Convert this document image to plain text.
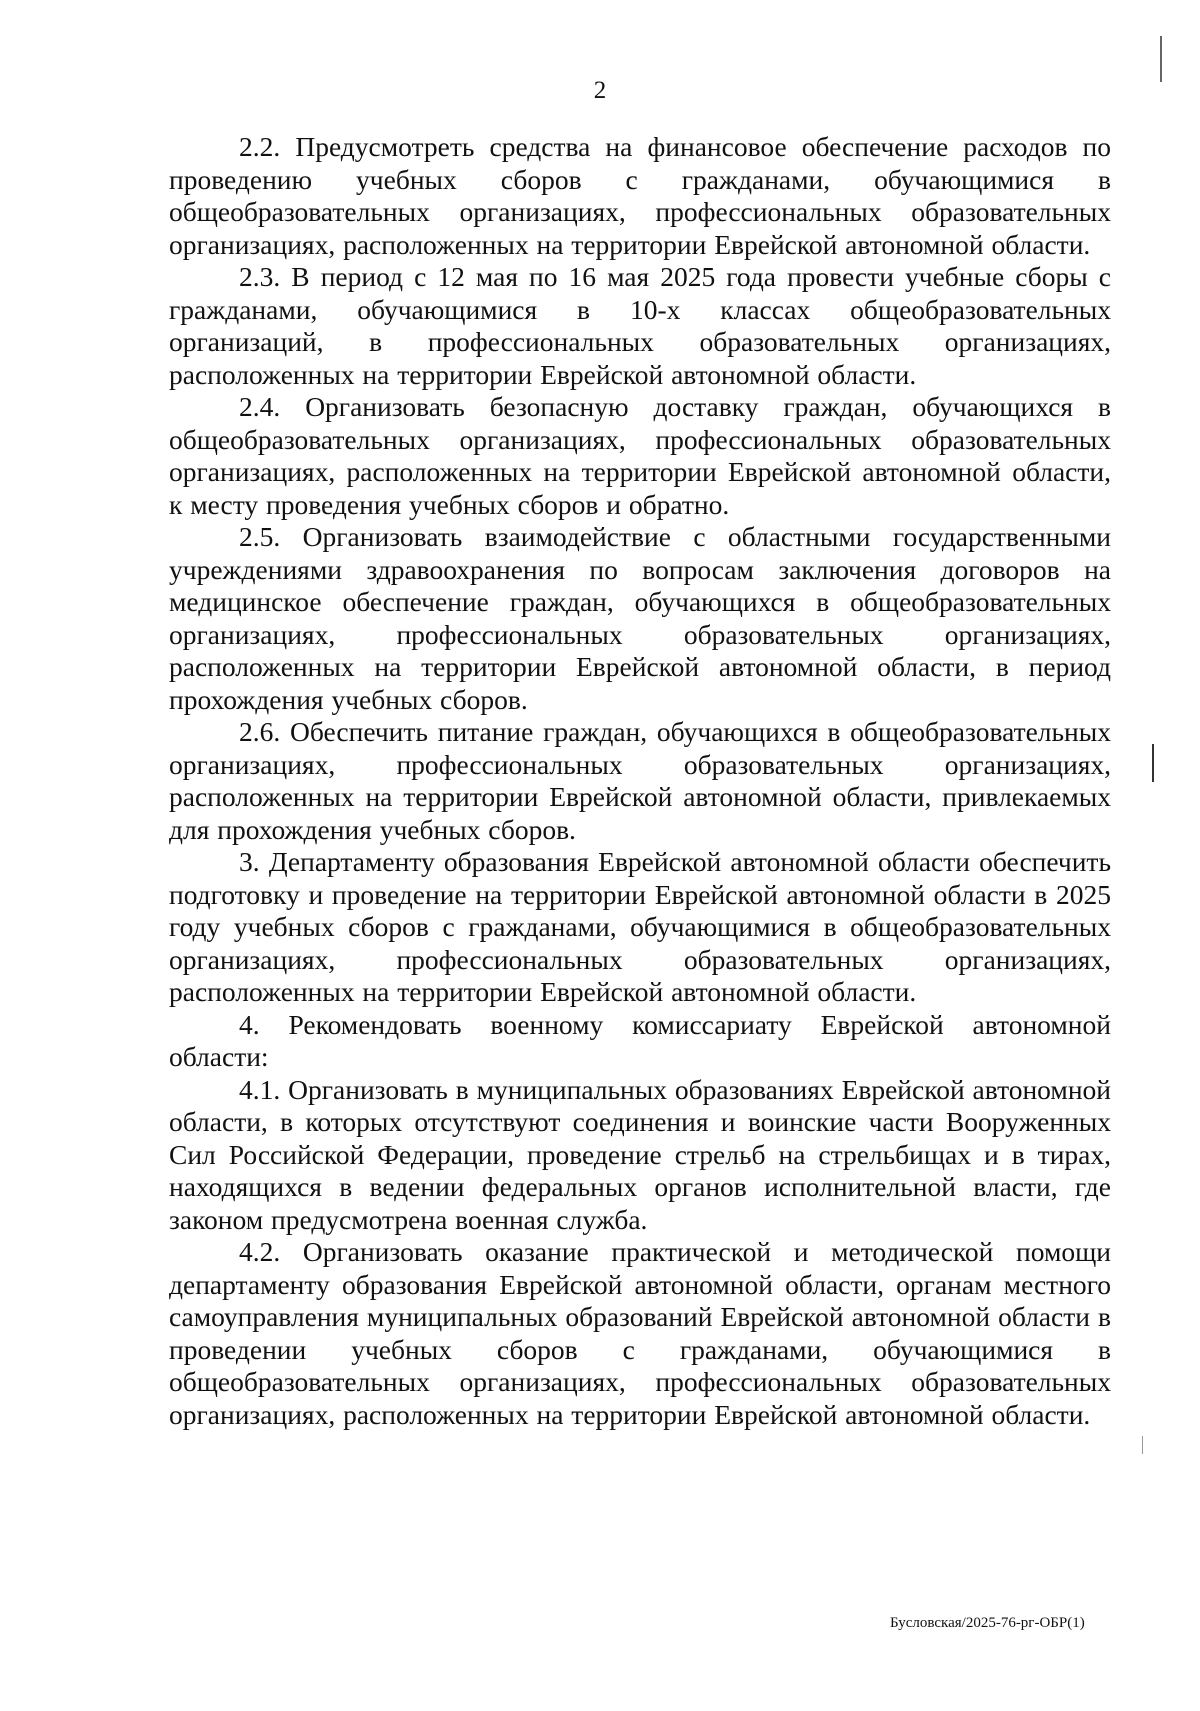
2

2.2. Предусмотреть средства на финансовое обеспечение расходов по проведению учебных сборов с гражданами, обучающимися в общеобразовательных организациях, профессиональных образовательных организациях, расположенных на территории Еврейской автономной области.

2.3. В период с 12 мая по 16 мая 2025 года провести учебные сборы с гражданами, обучающимися в 10-х классах общеобразовательных организаций, в профессиональных образовательных организациях, расположенных на территории Еврейской автономной области.

2.4. Организовать безопасную доставку граждан, обучающихся в общеобразовательных организациях, профессиональных образовательных организациях, расположенных на территории Еврейской автономной области, к месту проведения учебных сборов и обратно.

2.5. Организовать взаимодействие с областными государственными учреждениями здравоохранения по вопросам заключения договоров на медицинское обеспечение граждан, обучающихся в общеобразовательных организациях, профессиональных образовательных организациях, расположенных на территории Еврейской автономной области, в период прохождения учебных сборов.

2.6. Обеспечить питание граждан, обучающихся в общеобразовательных организациях, профессиональных образовательных организациях, расположенных на территории Еврейской автономной области, привлекаемых для прохождения учебных сборов.

3. Департаменту образования Еврейской автономной области обеспечить подготовку и проведение на территории Еврейской автономной области в 2025 году учебных сборов с гражданами, обучающимися в общеобразовательных организациях, профессиональных образовательных организациях, расположенных на территории Еврейской автономной области.

4. Рекомендовать военному комиссариату Еврейской автономной области:

4.1. Организовать в муниципальных образованиях Еврейской автономной области, в которых отсутствуют соединения и воинские части Вооруженных Сил Российской Федерации, проведение стрельб на стрельбищах и в тирах, находящихся в ведении федеральных органов исполнительной власти, где законом предусмотрена военная служба.

4.2. Организовать оказание практической и методической помощи департаменту образования Еврейской автономной области, органам местного самоуправления муниципальных образований Еврейской автономной области в проведении учебных сборов с гражданами, обучающимися в общеобразовательных организациях, профессиональных образовательных организациях, расположенных на территории Еврейской автономной области.

Бусловская/2025-76-рг-ОБР(1)
